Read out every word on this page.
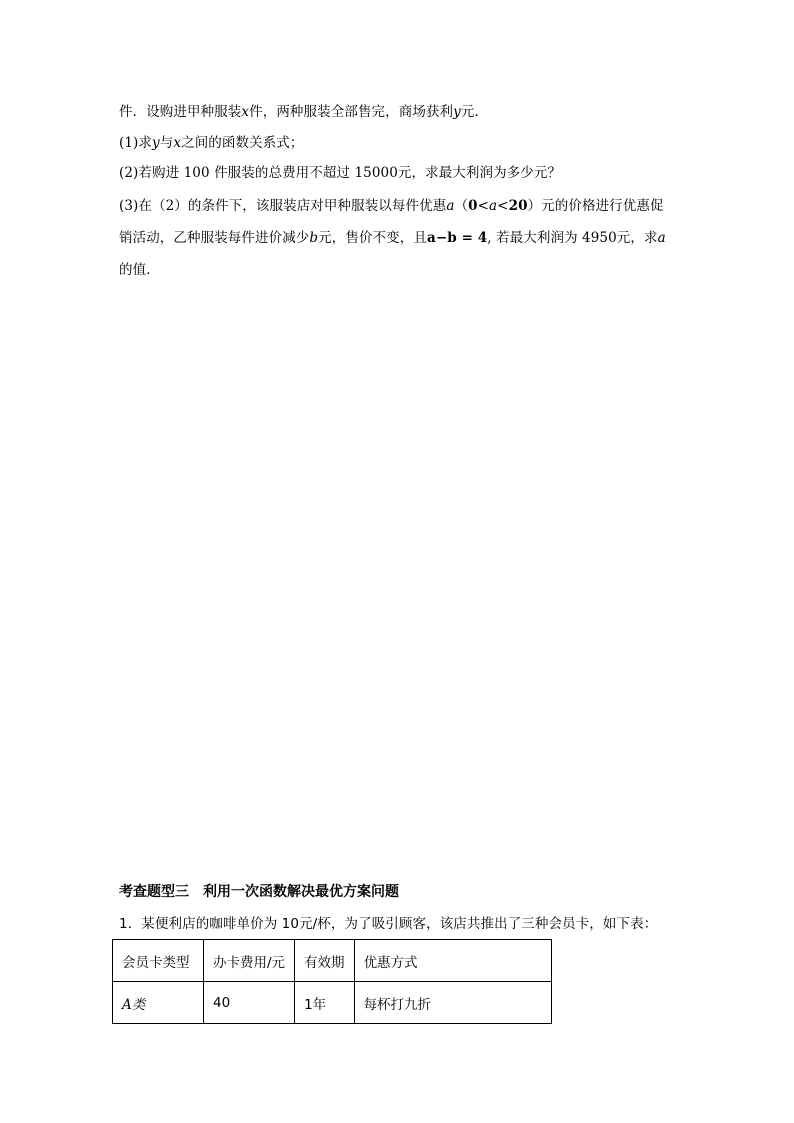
件．设购进甲种服装x件，两种服装全部售完，商场获利y元．
(1)求y与x之间的函数关系式；
(2)若购进 100 件服装的总费用不超过 15000元，求最大利润为多少元？
(3)在（2）的条件下，该服装店对甲种服装以每件优惠a（0<a<20）元的价格进行优惠促
销活动，乙种服装每件进价减少b元，售价不变，且a−b = 4, 若最大利润为 4950元，求a
的值．
考查题型三　利用一次函数解决最优方案问题
1．某便利店的咖啡单价为 10元/杯，为了吸引顾客，该店共推出了三种会员卡，如下表：
会员卡类型	办卡费用/元	有效期	优惠方式
A类	40	1年	每杯打九折
